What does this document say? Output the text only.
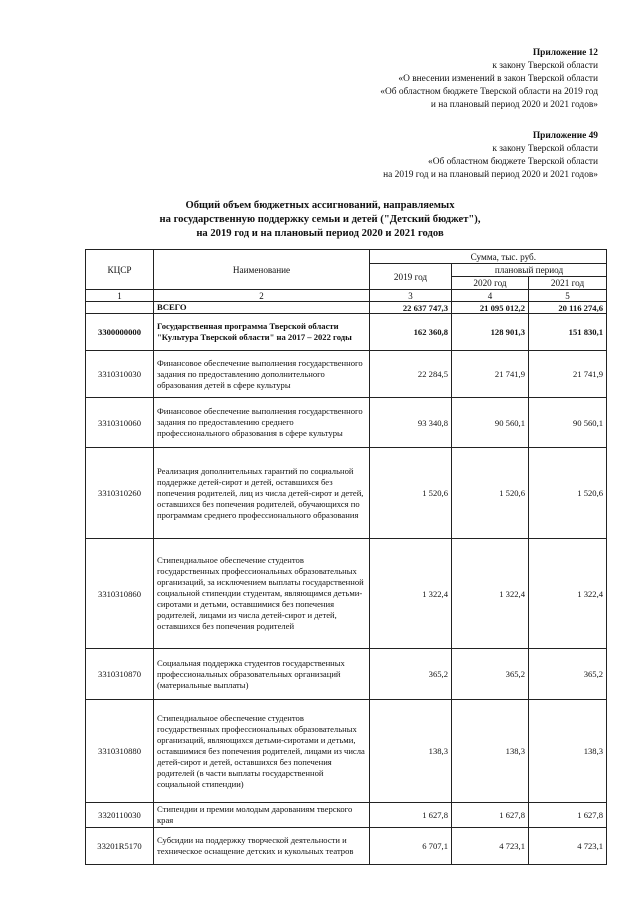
Приложение 12
к закону Тверской области
«О внесении изменений в закон Тверской области
«Об областном бюджете Тверской области на 2019 год
и на плановый период 2020 и 2021 годов»
Приложение 49
к закону Тверской области
«Об областном бюджете Тверской области
на 2019 год и на плановый период 2020 и 2021 годов»
Общий объем бюджетных ассигнований, направляемых
на государственную поддержку семьи и детей ("Детский бюджет"),
на 2019 год и на плановый период 2020 и 2021 годов
КЦСР	Наименование	Сумма, тыс. руб.		
		2019 год	плановый период	
			2020 год	2021 год
1	2	3	4	5
	ВСЕГО	22 637 747,3	21 095 012,2	20 116 274,6
3300000000	Государственная программа Тверской области "Культура Тверской области" на 2017 – 2022 годы	162 360,8	128 901,3	151 830,1
3310310030	Финансовое обеспечение выполнения государственного задания по предоставлению дополнительного образования детей в сфере культуры	22 284,5	21 741,9	21 741,9
3310310060	Финансовое обеспечение выполнения государственного задания по предоставлению среднего профессионального образования в сфере культуры	93 340,8	90 560,1	90 560,1
3310310260	Реализация дополнительных гарантий по социальной поддержке детей-сирот и детей, оставшихся без попечения родителей, лиц из числа детей-сирот и детей, оставшихся без попечения родителей, обучающихся по программам среднего профессионального образования	1 520,6	1 520,6	1 520,6
3310310860	Стипендиальное обеспечение студентов государственных профессиональных образовательных организаций, за исключением выплаты государственной социальной стипендии студентам, являющимся детьми-сиротами и детьми, оставшимися без попечения родителей, лицами из числа детей-сирот и детей, оставшихся без попечения родителей	1 322,4	1 322,4	1 322,4
3310310870	Социальная поддержка студентов государственных профессиональных образовательных организаций (материальные выплаты)	365,2	365,2	365,2
3310310880	Стипендиальное обеспечение студентов государственных профессиональных образовательных организаций, являющихся детьми-сиротами и детьми, оставшимися без попечения родителей, лицами из числа детей-сирот и детей, оставшихся без попечения родителей (в части выплаты государственной социальной стипендии)	138,3	138,3	138,3
3320110030	Стипендии и премии молодым дарованиям тверского края	1 627,8	1 627,8	1 627,8
33201R5170	Субсидии на поддержку творческой деятельности и техническое оснащение детских и кукольных театров	6 707,1	4 723,1	4 723,1
